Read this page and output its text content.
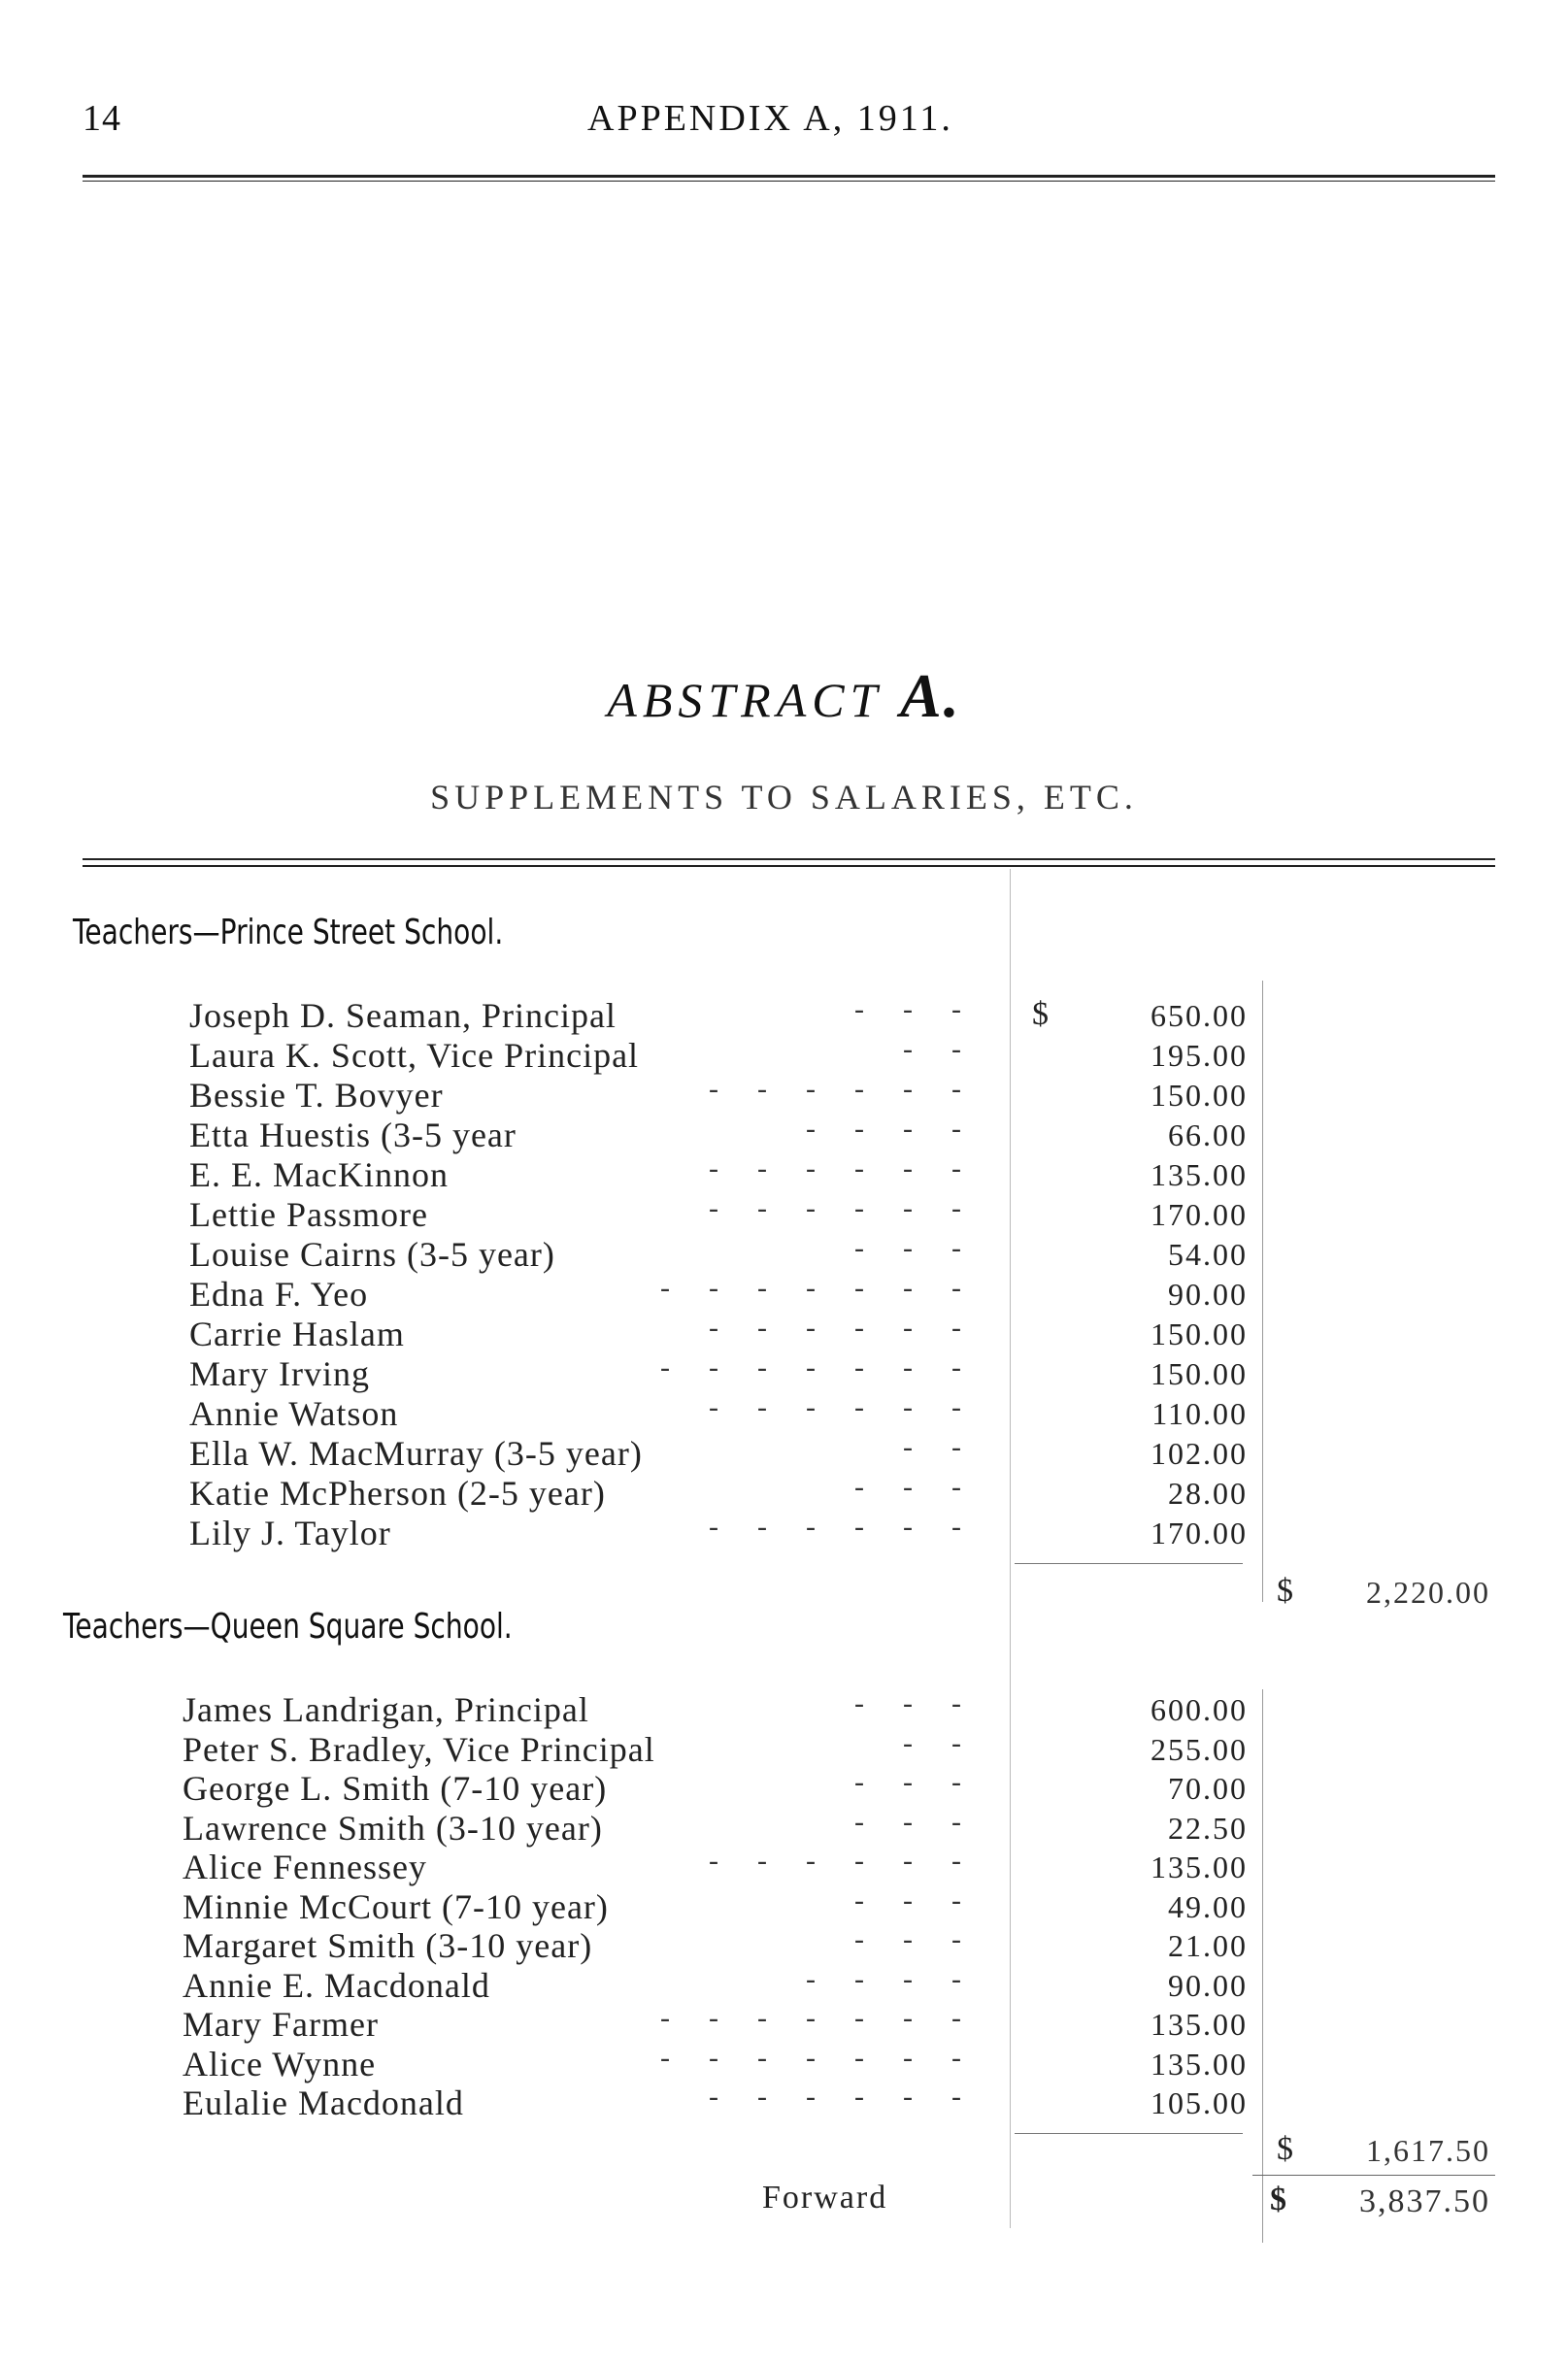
14	APPENDIX A, 1911.
ABSTRACT A.
SUPPLEMENTS TO SALARIES, ETC.
Teachers—Prince Street School.
Joseph D. Seaman, Principal	- - -	650.00
$
Laura K. Scott, Vice Principal	- -	195.00
Bessie T. Bovyer	- - - - - -	150.00
Etta Huestis (3-5 year	- - - -	66.00
E. E. MacKinnon	- - - - - -	135.00
Lettie Passmore	- - - - - -	170.00
Louise Cairns (3-5 year)	- - -	54.00
Edna F. Yeo	- - - - - - -	90.00
Carrie Haslam	- - - - - -	150.00
Mary Irving	- - - - - - -	150.00
Annie Watson	- - - - - -	110.00
Ella W. MacMurray (3-5 year)	- -	102.00
Katie McPherson (2-5 year)	- - -	28.00
Lily J. Taylor	- - - - - -	170.00
$	2,220.00
Teachers—Queen Square School.
James Landrigan, Principal	- - -	600.00
Peter S. Bradley, Vice Principal	- -	255.00
George L. Smith (7-10 year)	- - -	70.00
Lawrence Smith (3-10 year)	- - -	22.50
Alice Fennessey	- - - - - -	135.00
Minnie McCourt (7-10 year)	- - -	49.00
Margaret Smith (3-10 year)	- - -	21.00
Annie E. Macdonald	- - - -	90.00
Mary Farmer	- - - - - - -	135.00
Alice Wynne	- - - - - - -	135.00
Eulalie Macdonald	- - - - - -	105.00
$	1,617.50
Forward	$	3,837.50
